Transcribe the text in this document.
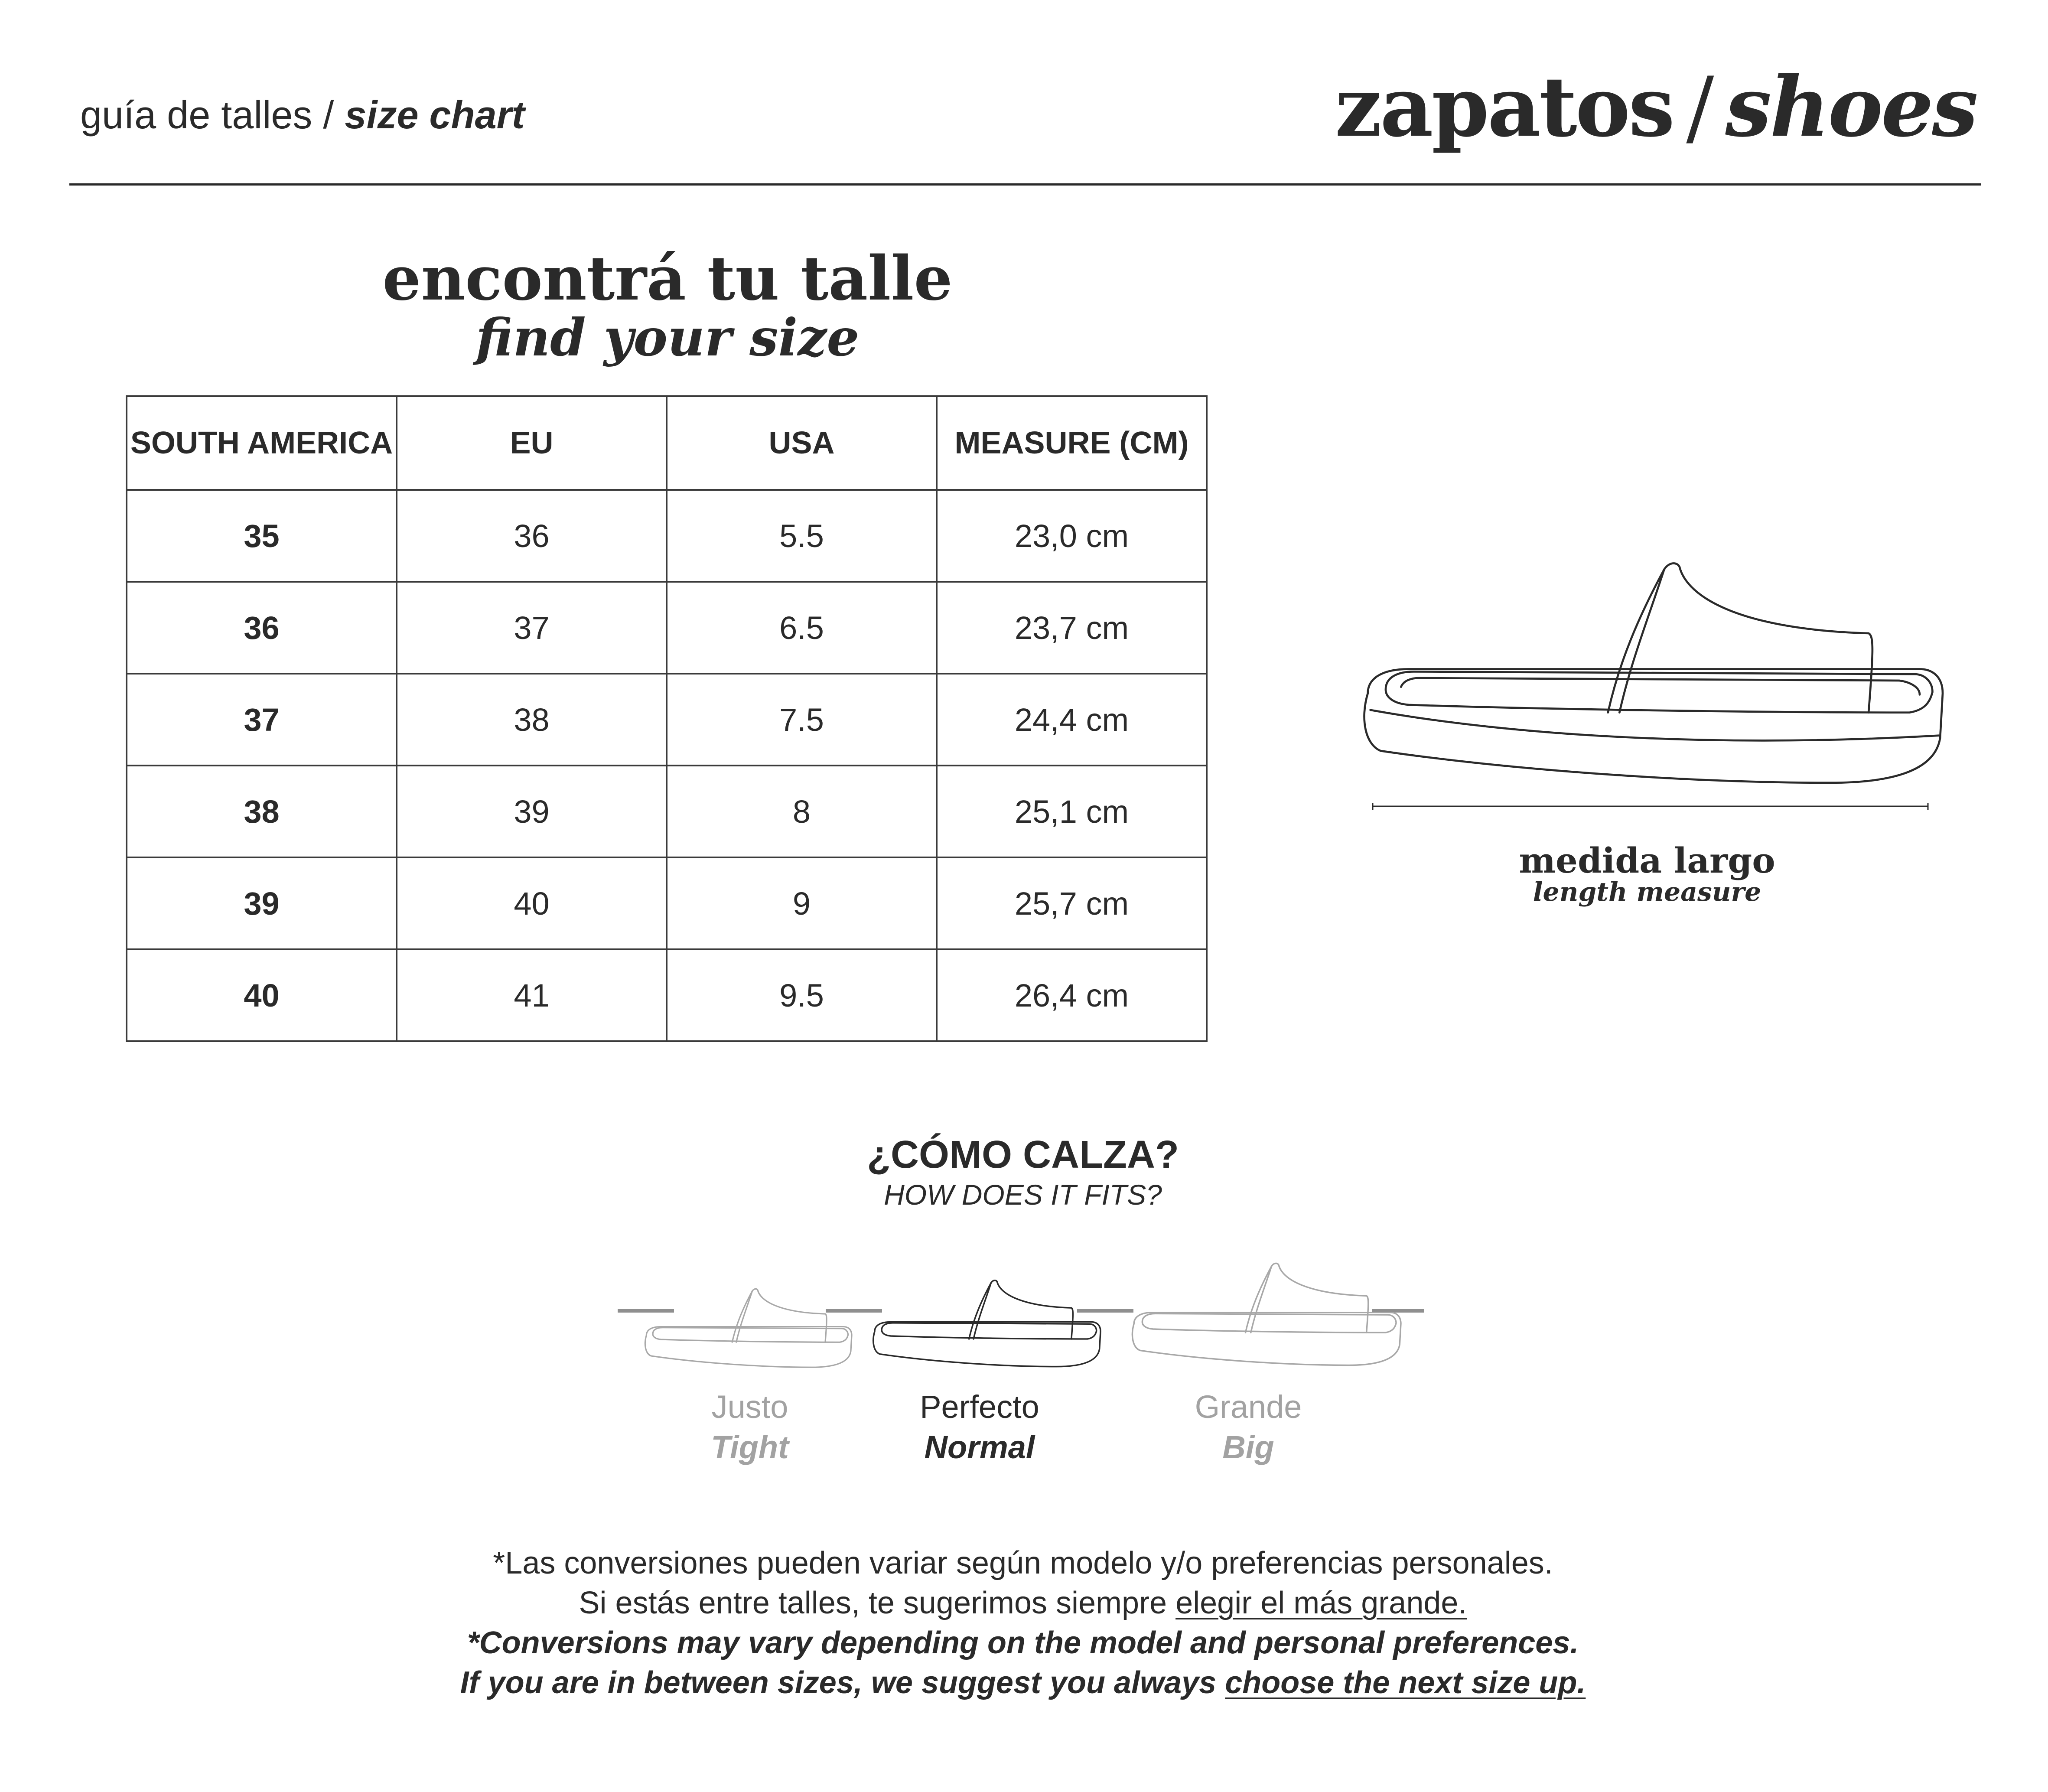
guía de talles / size chart	zapatos / shoes
encontrá tu talle
find your size
SOUTH AMERICA	EU	USA	MEASURE (CM)
35	36	5.5	23,0 cm
36	37	6.5	23,7 cm
37	38	7.5	24,4 cm
38	39	8	25,1 cm
39	40	9	25,7 cm
40	41	9.5	26,4 cm
medida largo
length measure
¿CÓMO CALZA?
HOW DOES IT FITS?
Justo
Tight
Perfecto
Normal
Grande
Big
*Las conversiones pueden variar según modelo y/o preferencias personales.
Si estás entre talles, te sugerimos siempre elegir el más grande.
*Conversions may vary depending on the model and personal preferences.
If you are in between sizes, we suggest you always choose the next size up.
